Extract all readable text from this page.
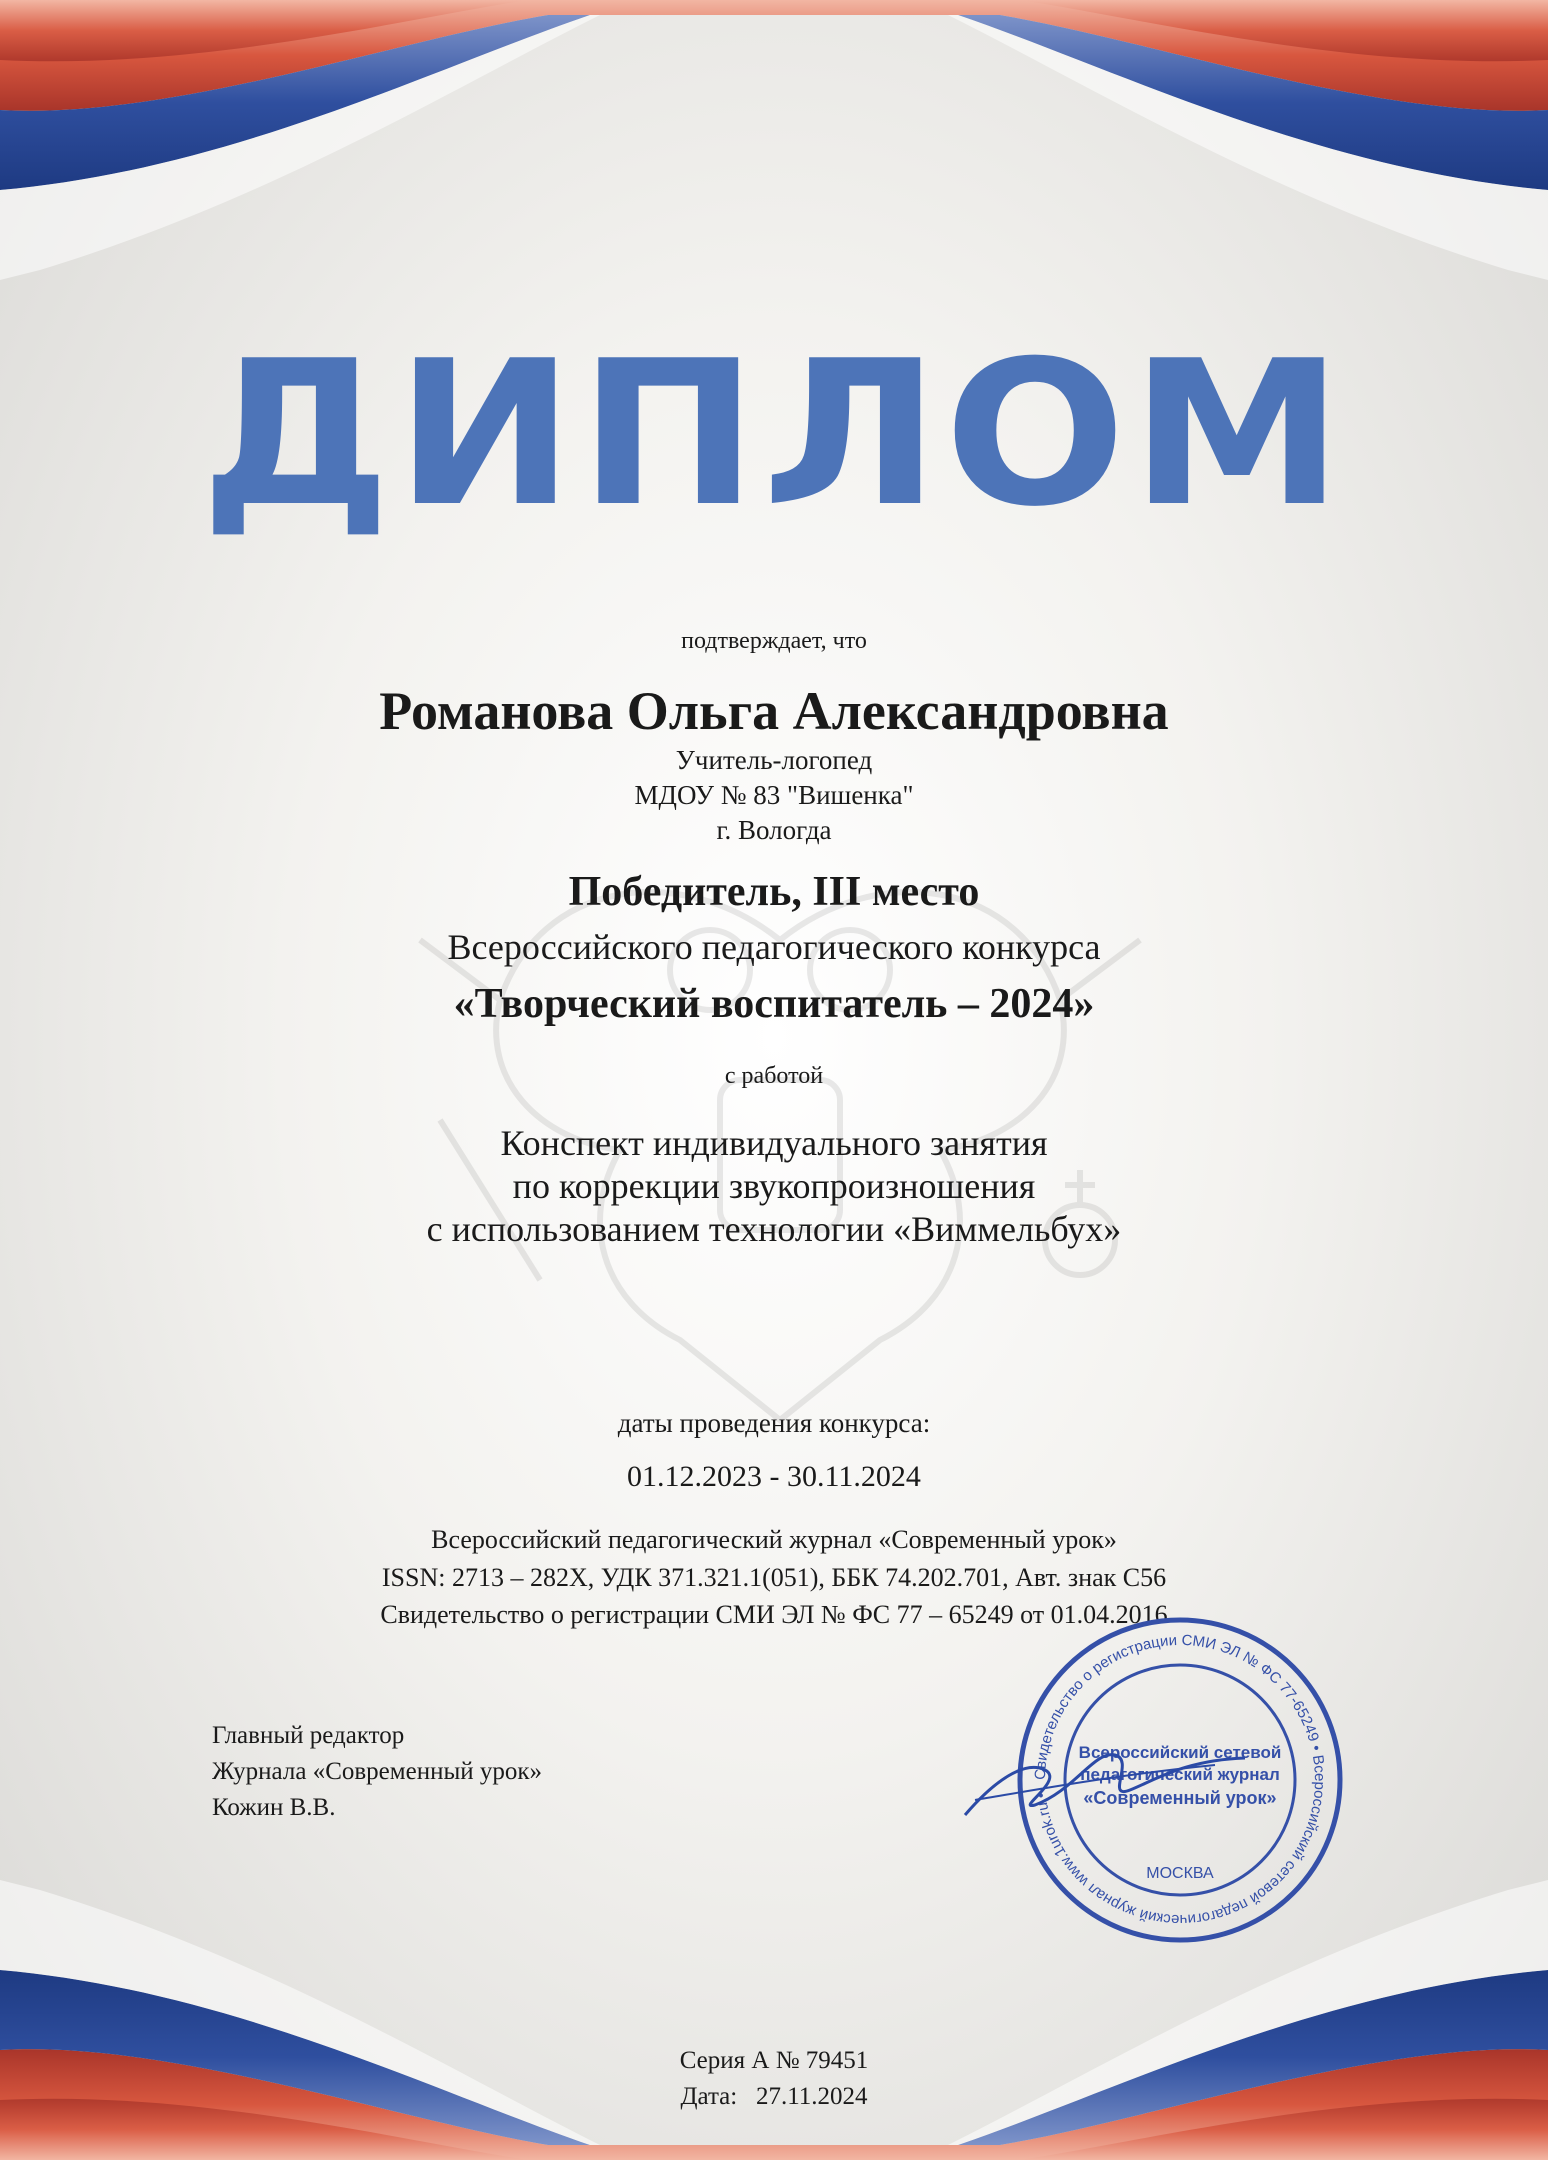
ДИПЛОМ
подтверждает, что
Романова Ольга Александровна
Учитель-логопед
МДОУ № 83 "Вишенка"
г. Вологда
Победитель, III место
Всероссийского педагогического конкурса
«Творческий воспитатель – 2024»
с работой
Конспект индивидуального занятия
по коррекции звукопроизношения
с использованием технологии «Виммельбух»
даты проведения конкурса:
01.12.2023 - 30.11.2024
Всероссийский педагогический журнал «Современный урок»
ISSN: 2713 – 282X, УДК 371.321.1(051), ББК 74.202.701, Авт. знак С56
Свидетельство о регистрации СМИ ЭЛ № ФС 77 – 65249 от 01.04.2016
Главный редактор
Журнала «Современный урок»
Кожин В.В.
Свидетельство о регистрации СМИ ЭЛ № ФС 77-65249 • Всероссийский сетевой педагогический журнал www.1urok.ru •
Всероссийский сетевой
педагогический журнал
«Современный урок»
МОСКВА
Серия А № 79451
Дата:   27.11.2024
